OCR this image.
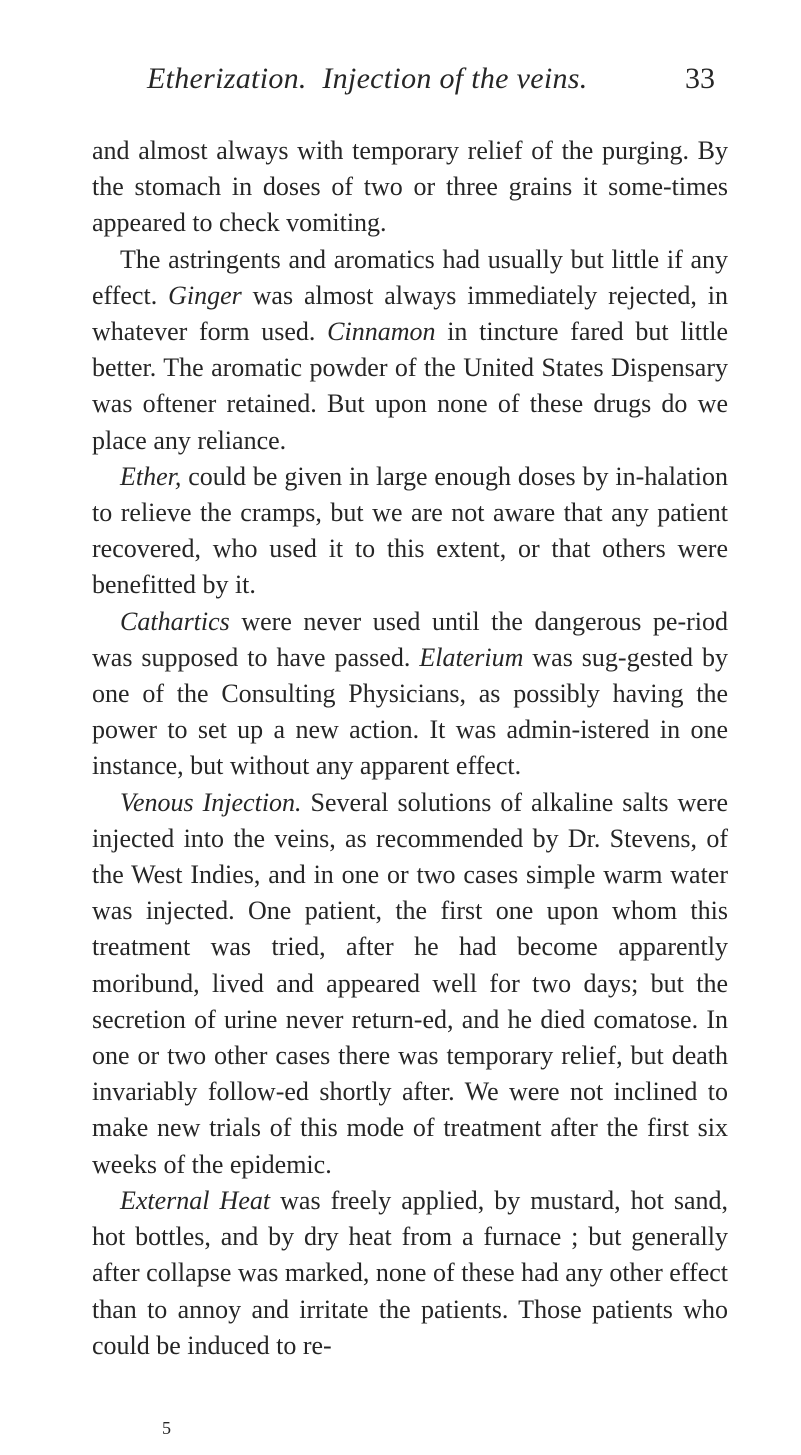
Etherization. Injection of the veins.	33

and almost always with temporary relief of the purging. By the stomach in doses of two or three grains it some-times appeared to check vomiting.

The astringents and aromatics had usually but little if any effect. Ginger was almost always immediately rejected, in whatever form used. Cinnamon in tincture fared but little better. The aromatic powder of the United States Dispensary was oftener retained. But upon none of these drugs do we place any reliance.

Ether, could be given in large enough doses by in-halation to relieve the cramps, but we are not aware that any patient recovered, who used it to this extent, or that others were benefitted by it.

Cathartics were never used until the dangerous pe-riod was supposed to have passed. Elaterium was sug-gested by one of the Consulting Physicians, as possibly having the power to set up a new action. It was admin-istered in one instance, but without any apparent effect.

Venous Injection. Several solutions of alkaline salts were injected into the veins, as recommended by Dr. Stevens, of the West Indies, and in one or two cases simple warm water was injected. One patient, the first one upon whom this treatment was tried, after he had become apparently moribund, lived and appeared well for two days; but the secretion of urine never return-ed, and he died comatose. In one or two other cases there was temporary relief, but death invariably follow-ed shortly after. We were not inclined to make new trials of this mode of treatment after the first six weeks of the epidemic.

External Heat was freely applied, by mustard, hot sand, hot bottles, and by dry heat from a furnace ; but generally after collapse was marked, none of these had any other effect than to annoy and irritate the patients. Those patients who could be induced to re-

5
